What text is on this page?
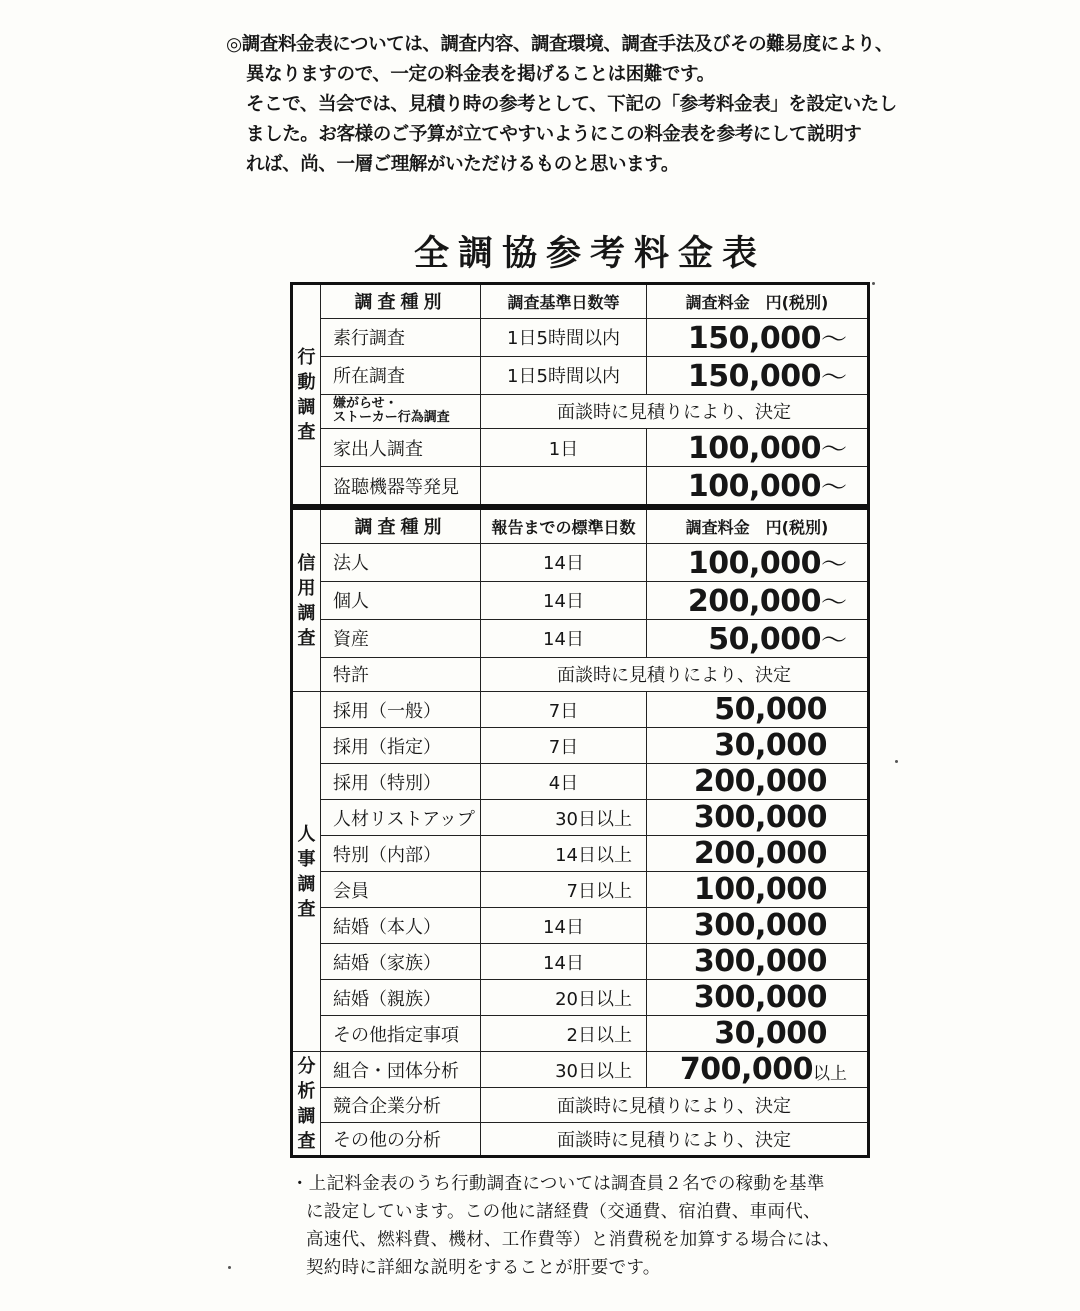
◎調査料金表については、調査内容、調査環境、調査手法及びその難易度により、

異なりますので、一定の料金表を掲げることは困難です。

そこで、当会では、見積り時の参考として、下記の「参考料金表」を設定いたし

ました。お客様のご予算が立てやすいようにこの料金表を参考にして説明す

れば、尚、一層ご理解がいただけるものと思います。

全調協参考料金表
行
動
調
査	調査種別	調査基準日数等	調査料金　円(税別)
	素行調査	1日5時間以内	150,000〜
	所在調査	1日5時間以内	150,000〜

	嫌がらせ・
ストーカー行為調査	面談時に見積りにより、決定	
	家出人調査	1日	100,000〜
	盗聴機器等発見		100,000〜
信
用
調
査	調査種別	報告までの標準日数	調査料金　円(税別)
	法人	14日	100,000〜
	個人	14日	200,000〜
	資産	14日	50,000〜
	特許	面談時に見積りにより、決定	

人
事
調
査	採用（一般）	7日	50,000
	採用（指定）	7日	30,000
	採用（特別）	4日	200,000
	人材リストアップ	30日以上	300,000
	特別（内部）	14日以上	200,000
	会員	7日以上	100,000
	結婚（本人）	14日	300,000
	結婚（家族）	14日	300,000
	結婚（親族）	20日以上	300,000
	その他指定事項	2日以上	30,000

分
析
調
査	組合・団体分析	30日以上	700,000以上
	競合企業分析	面談時に見積りにより、決定	
	その他の分析	面談時に見積りにより、決定	

・上記料金表のうち行動調査については調査員２名での稼動を基準

に設定しています。この他に諸経費（交通費、宿泊費、車両代、

高速代、燃料費、機材、工作費等）と消費税を加算する場合には、

契約時に詳細な説明をすることが肝要です。
